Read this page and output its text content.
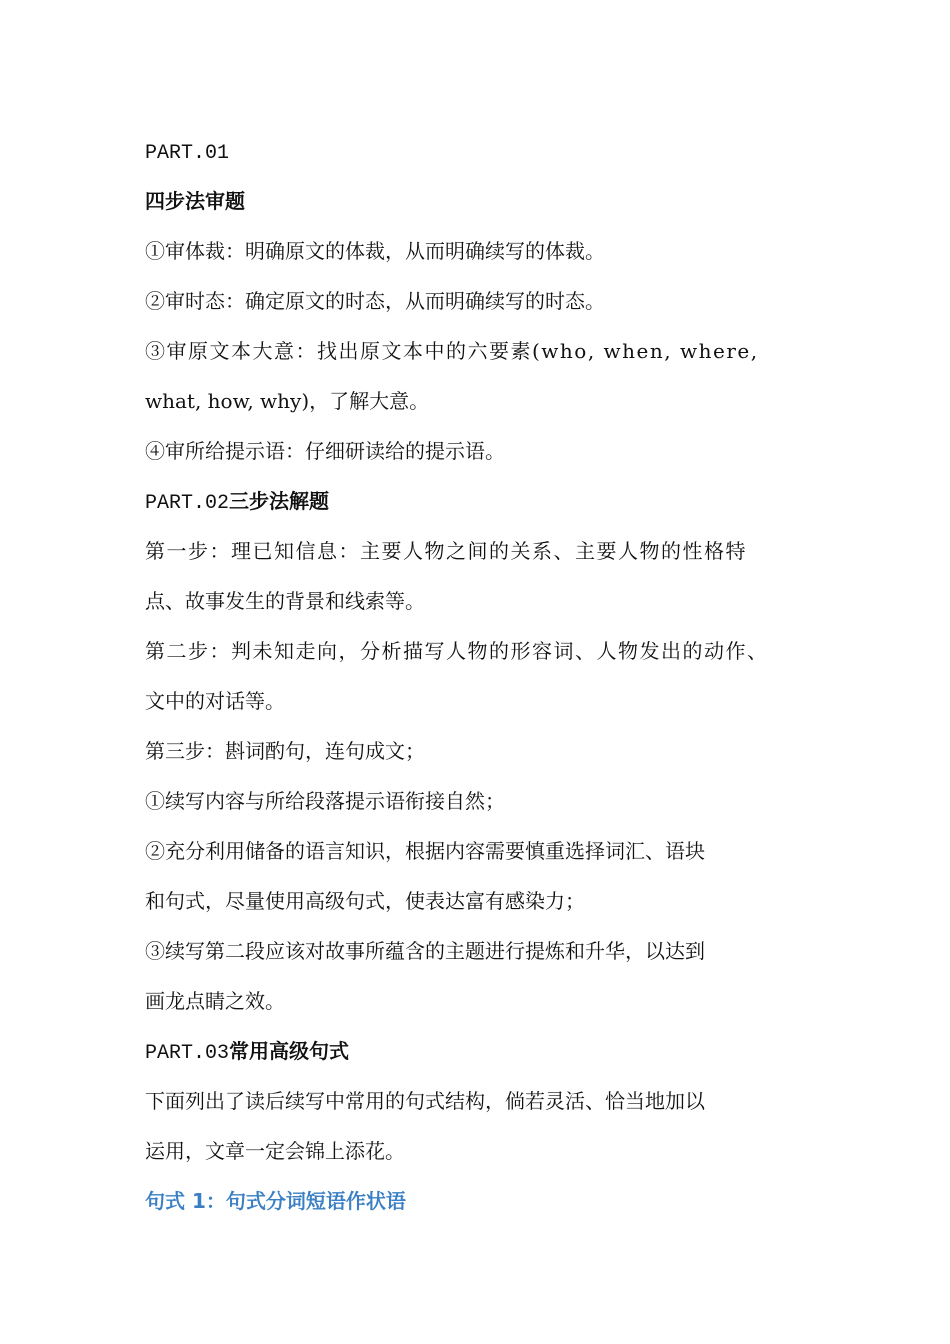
PART.01
四步法审题
①审体裁：明确原文的体裁，从而明确续写的体裁。
②审时态：确定原文的时态，从而明确续写的时态。
③审原文本大意：找出原文本中的六要素(who, when, where,
what, how, why)，了解大意。
④审所给提示语：仔细研读给的提示语。
PART.02三步法解题
第一步：理已知信息：主要人物之间的关系、主要人物的性格特
点、故事发生的背景和线索等。
第二步：判未知走向，分析描写人物的形容词、人物发出的动作、
文中的对话等。
第三步：斟词酌句，连句成文；
①续写内容与所给段落提示语衔接自然；
②充分利用储备的语言知识，根据内容需要慎重选择词汇、语块
和句式，尽量使用高级句式，使表达富有感染力；
③续写第二段应该对故事所蕴含的主题进行提炼和升华，以达到
画龙点睛之效。
PART.03常用高级句式
下面列出了读后续写中常用的句式结构，倘若灵活、恰当地加以
运用，文章一定会锦上添花。
句式 1：句式分词短语作状语
